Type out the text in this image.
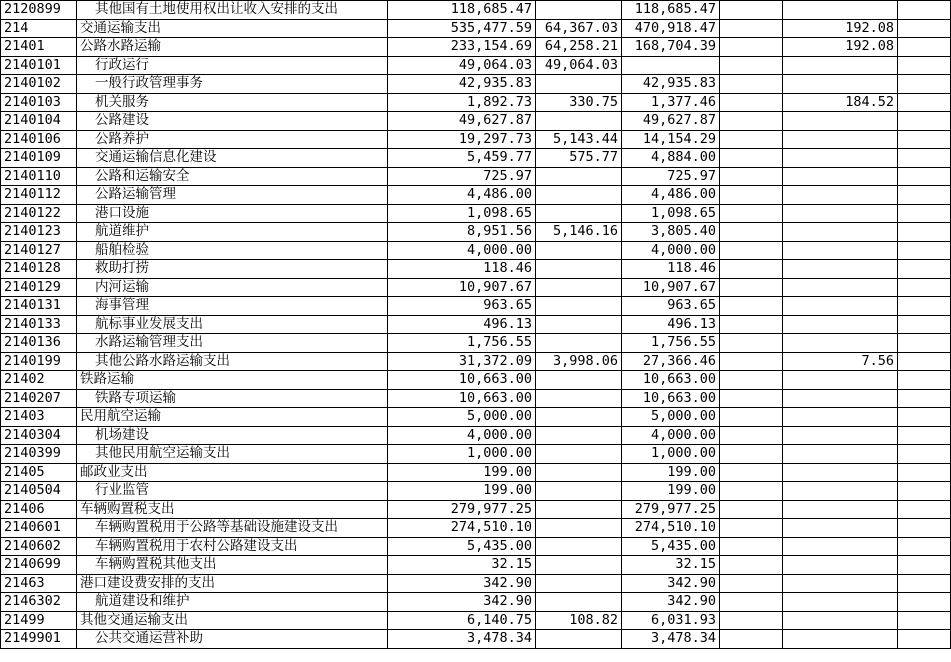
2120899	其他国有土地使用权出让收入安排的支出	118,685.47		118,685.47			
214	交通运输支出	535,477.59	64,367.03	470,918.47		192.08	
21401	公路水路运输	233,154.69	64,258.21	168,704.39		192.08	
2140101	行政运行	49,064.03	49,064.03				
2140102	一般行政管理事务	42,935.83		42,935.83			
2140103	机关服务	1,892.73	330.75	1,377.46		184.52	
2140104	公路建设	49,627.87		49,627.87			
2140106	公路养护	19,297.73	5,143.44	14,154.29			
2140109	交通运输信息化建设	5,459.77	575.77	4,884.00			
2140110	公路和运输安全	725.97		725.97			
2140112	公路运输管理	4,486.00		4,486.00			
2140122	港口设施	1,098.65		1,098.65			
2140123	航道维护	8,951.56	5,146.16	3,805.40			
2140127	船舶检验	4,000.00		4,000.00			
2140128	救助打捞	118.46		118.46			
2140129	内河运输	10,907.67		10,907.67			
2140131	海事管理	963.65		963.65			
2140133	航标事业发展支出	496.13		496.13			
2140136	水路运输管理支出	1,756.55		1,756.55			
2140199	其他公路水路运输支出	31,372.09	3,998.06	27,366.46		7.56	
21402	铁路运输	10,663.00		10,663.00			
2140207	铁路专项运输	10,663.00		10,663.00			
21403	民用航空运输	5,000.00		5,000.00			
2140304	机场建设	4,000.00		4,000.00			
2140399	其他民用航空运输支出	1,000.00		1,000.00			
21405	邮政业支出	199.00		199.00			
2140504	行业监管	199.00		199.00			
21406	车辆购置税支出	279,977.25		279,977.25			
2140601	车辆购置税用于公路等基础设施建设支出	274,510.10		274,510.10			
2140602	车辆购置税用于农村公路建设支出	5,435.00		5,435.00			
2140699	车辆购置税其他支出	32.15		32.15			
21463	港口建设费安排的支出	342.90		342.90			
2146302	航道建设和维护	342.90		342.90			
21499	其他交通运输支出	6,140.75	108.82	6,031.93			
2149901	公共交通运营补助	3,478.34		3,478.34			
